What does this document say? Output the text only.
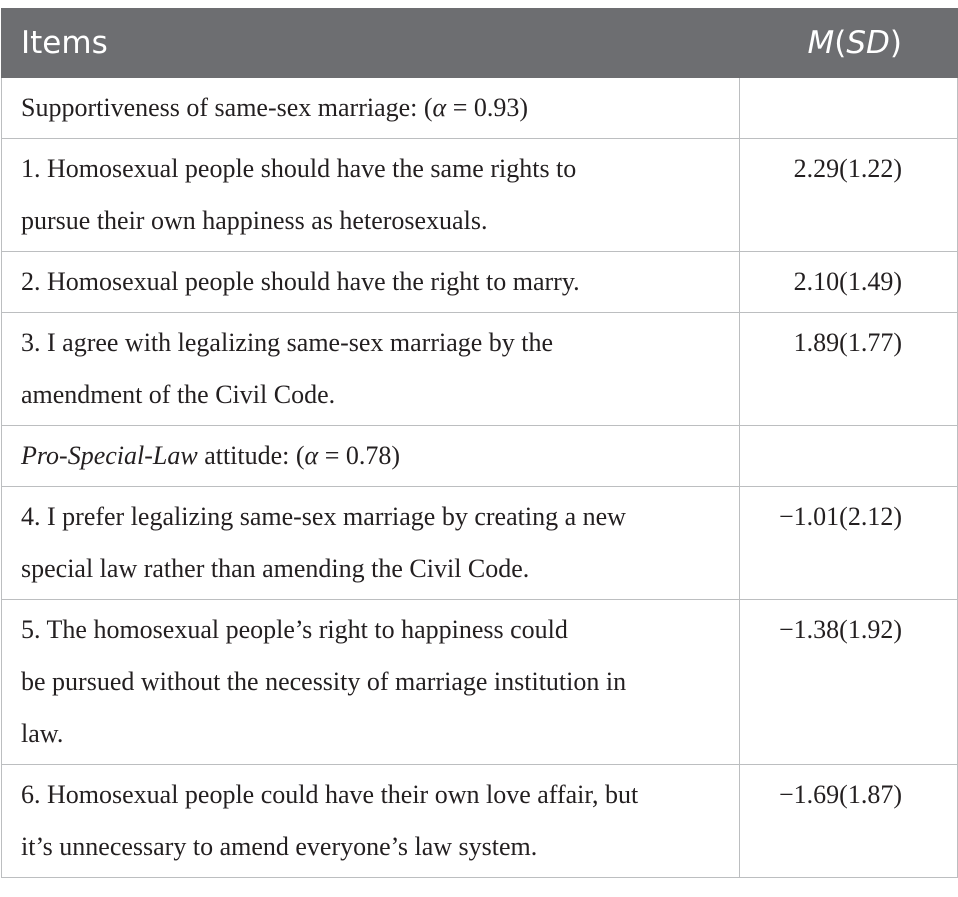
Items	M(SD)
Supportiveness of same-sex marriage: (α = 0.93)	
1. Homosexual people should have the same rights to
pursue their own happiness as heterosexuals.	2.29(1.22)
2. Homosexual people should have the right to marry.	2.10(1.49)
3. I agree with legalizing same-sex marriage by the
amendment of the Civil Code.	1.89(1.77)
Pro-Special-Law attitude: (α = 0.78)	
4. I prefer legalizing same-sex marriage by creating a new
special law rather than amending the Civil Code.	−1.01(2.12)
5. The homosexual people’s right to happiness could
be pursued without the necessity of marriage institution in
law.	−1.38(1.92)
6. Homosexual people could have their own love affair, but
it’s unnecessary to amend everyone’s law system.	−1.69(1.87)
